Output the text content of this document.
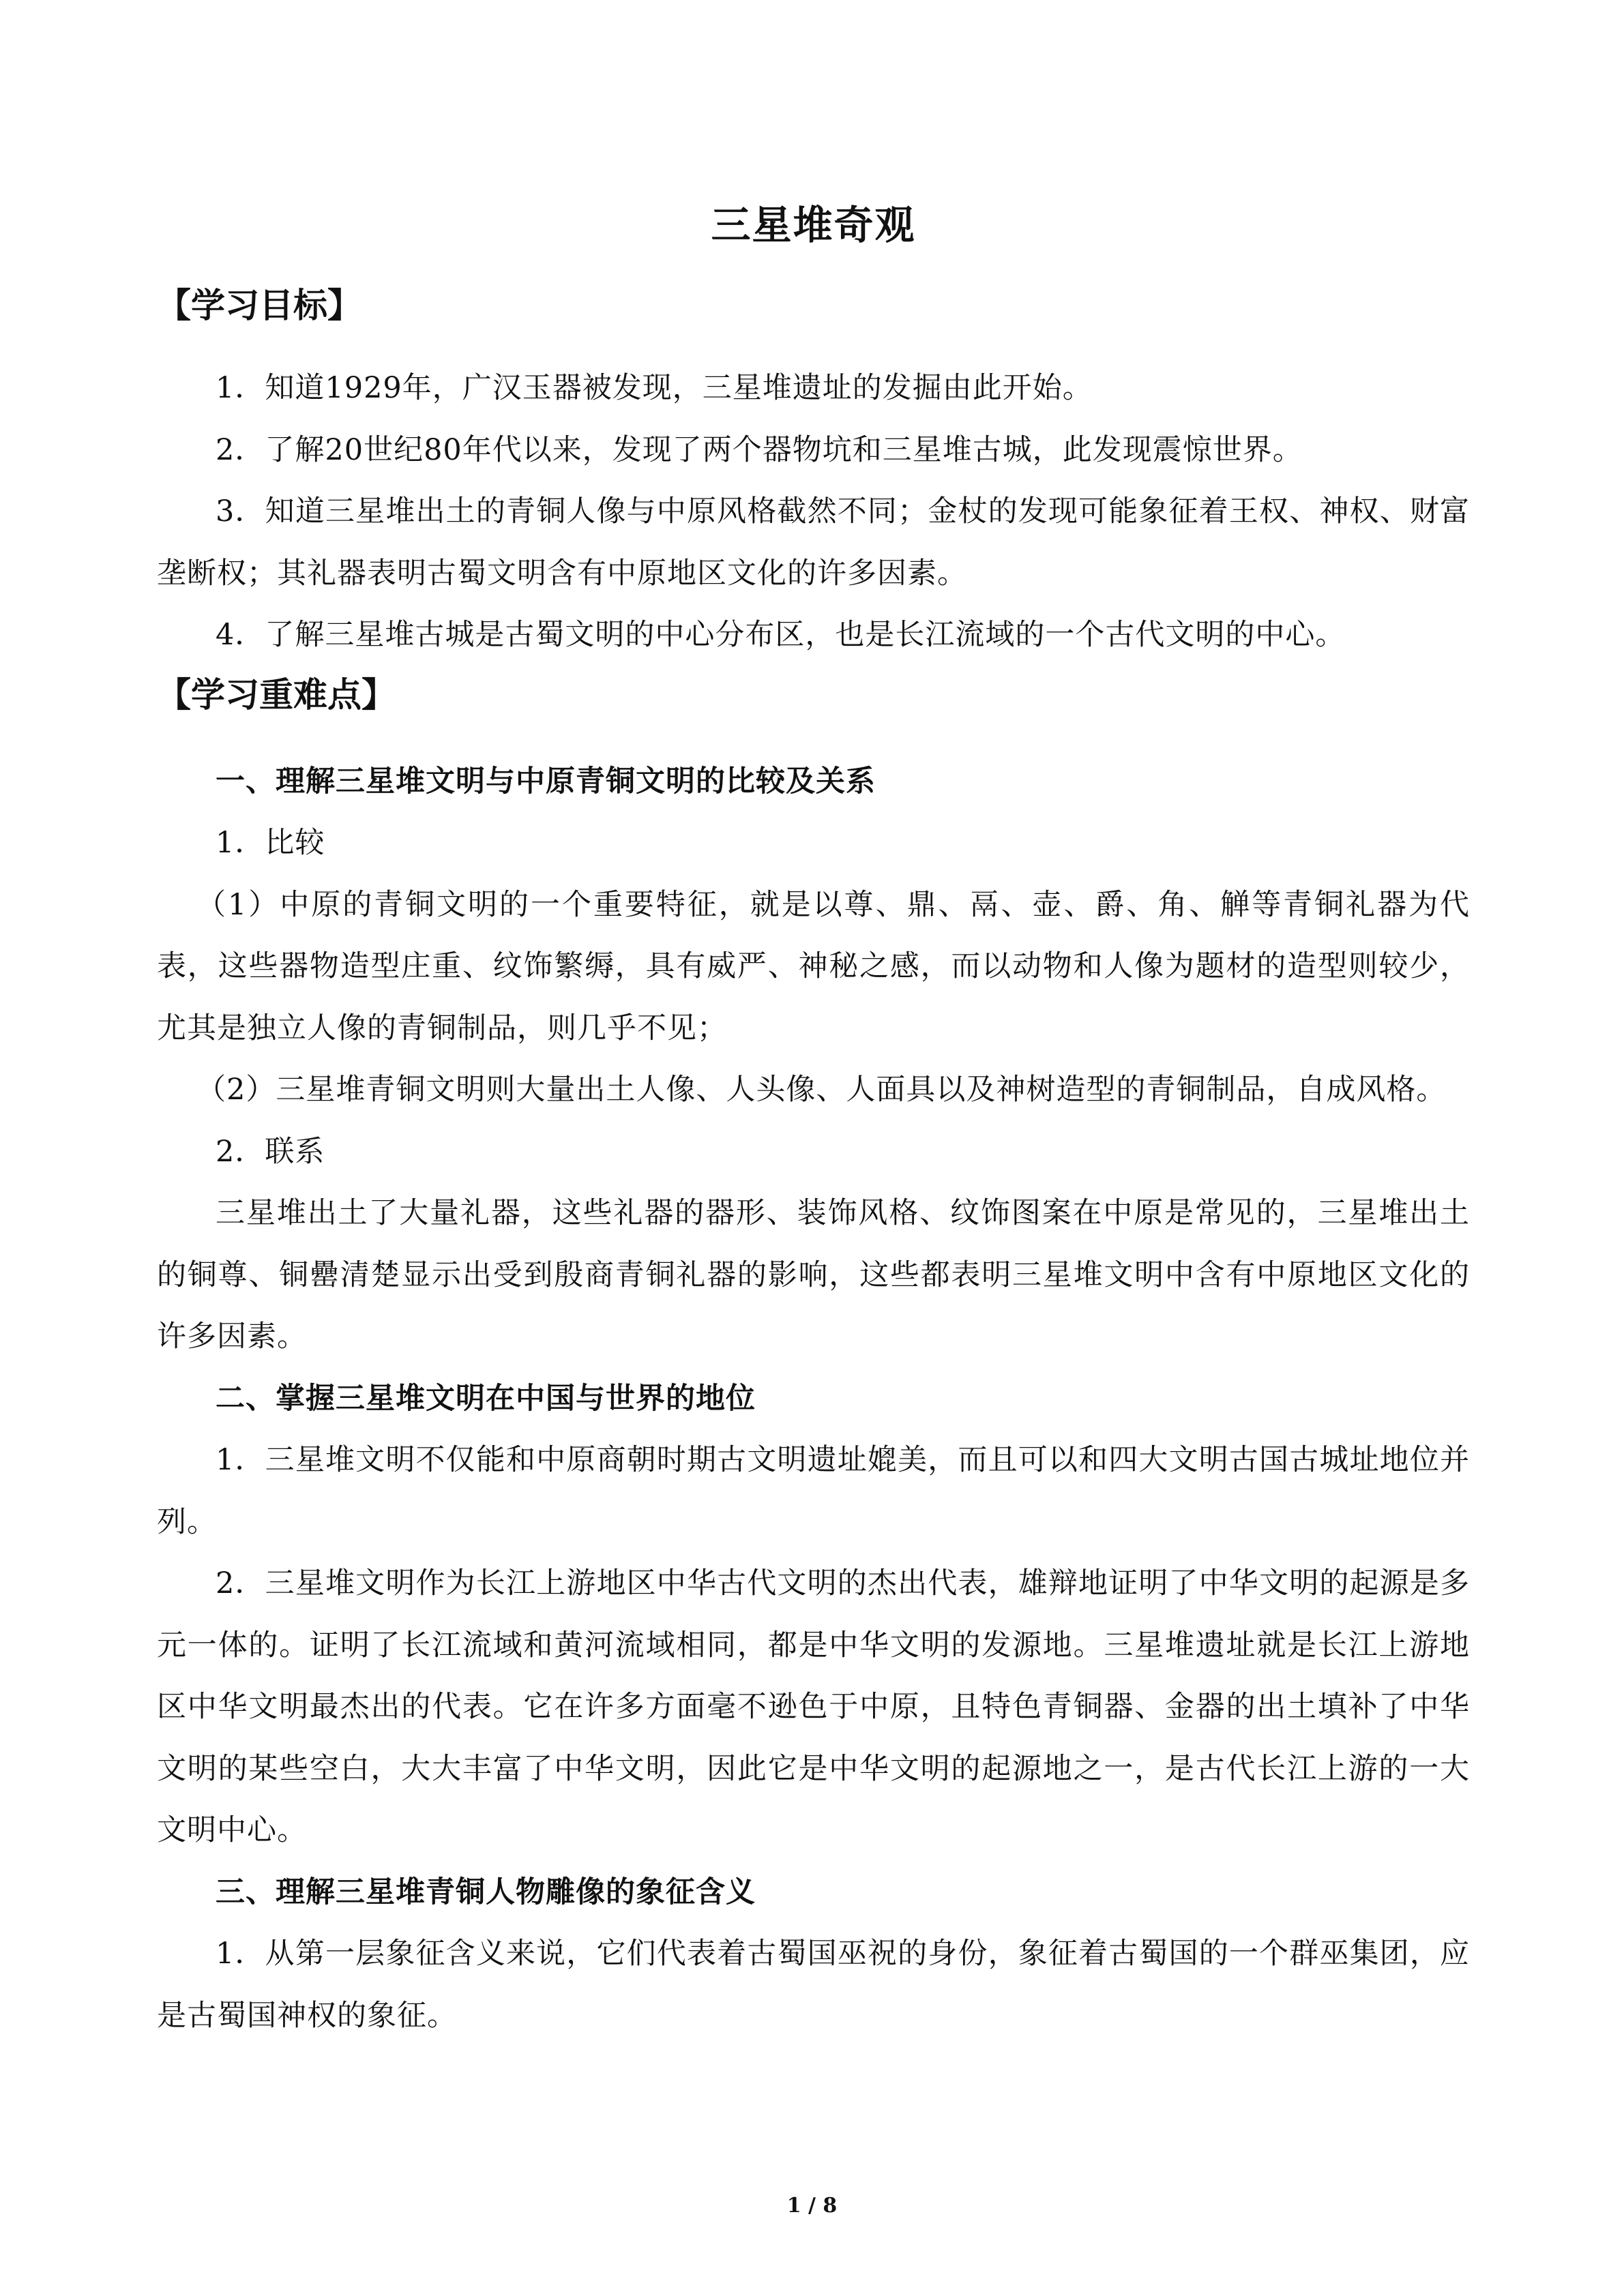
三星堆奇观
【学习目标】

1．知道1929年，广汉玉器被发现，三星堆遗址的发掘由此开始。

2．了解20世纪80年代以来，发现了两个器物坑和三星堆古城，此发现震惊世界。

3．知道三星堆出土的青铜人像与中原风格截然不同；金杖的发现可能象征着王权、神权、财富垄断权；其礼器表明古蜀文明含有中原地区文化的许多因素。

4．了解三星堆古城是古蜀文明的中心分布区，也是长江流域的一个古代文明的中心。

【学习重难点】

一、理解三星堆文明与中原青铜文明的比较及关系

1．比较

（1）中原的青铜文明的一个重要特征，就是以尊、鼎、鬲、壶、爵、角、觯等青铜礼器为代表，这些器物造型庄重、纹饰繁缛，具有威严、神秘之感，而以动物和人像为题材的造型则较少，尤其是独立人像的青铜制品，则几乎不见；

（2）三星堆青铜文明则大量出土人像、人头像、人面具以及神树造型的青铜制品，自成风格。

2．联系

三星堆出土了大量礼器，这些礼器的器形、装饰风格、纹饰图案在中原是常见的，三星堆出土的铜尊、铜罍清楚显示出受到殷商青铜礼器的影响，这些都表明三星堆文明中含有中原地区文化的许多因素。

二、掌握三星堆文明在中国与世界的地位

1．三星堆文明不仅能和中原商朝时期古文明遗址媲美，而且可以和四大文明古国古城址地位并列。

2．三星堆文明作为长江上游地区中华古代文明的杰出代表，雄辩地证明了中华文明的起源是多元一体的。证明了长江流域和黄河流域相同，都是中华文明的发源地。三星堆遗址就是长江上游地区中华文明最杰出的代表。它在许多方面毫不逊色于中原，且特色青铜器、金器的出土填补了中华文明的某些空白，大大丰富了中华文明，因此它是中华文明的起源地之一，是古代长江上游的一大文明中心。

三、理解三星堆青铜人物雕像的象征含义

1．从第一层象征含义来说，它们代表着古蜀国巫祝的身份，象征着古蜀国的一个群巫集团，应是古蜀国神权的象征。

1 / 8
